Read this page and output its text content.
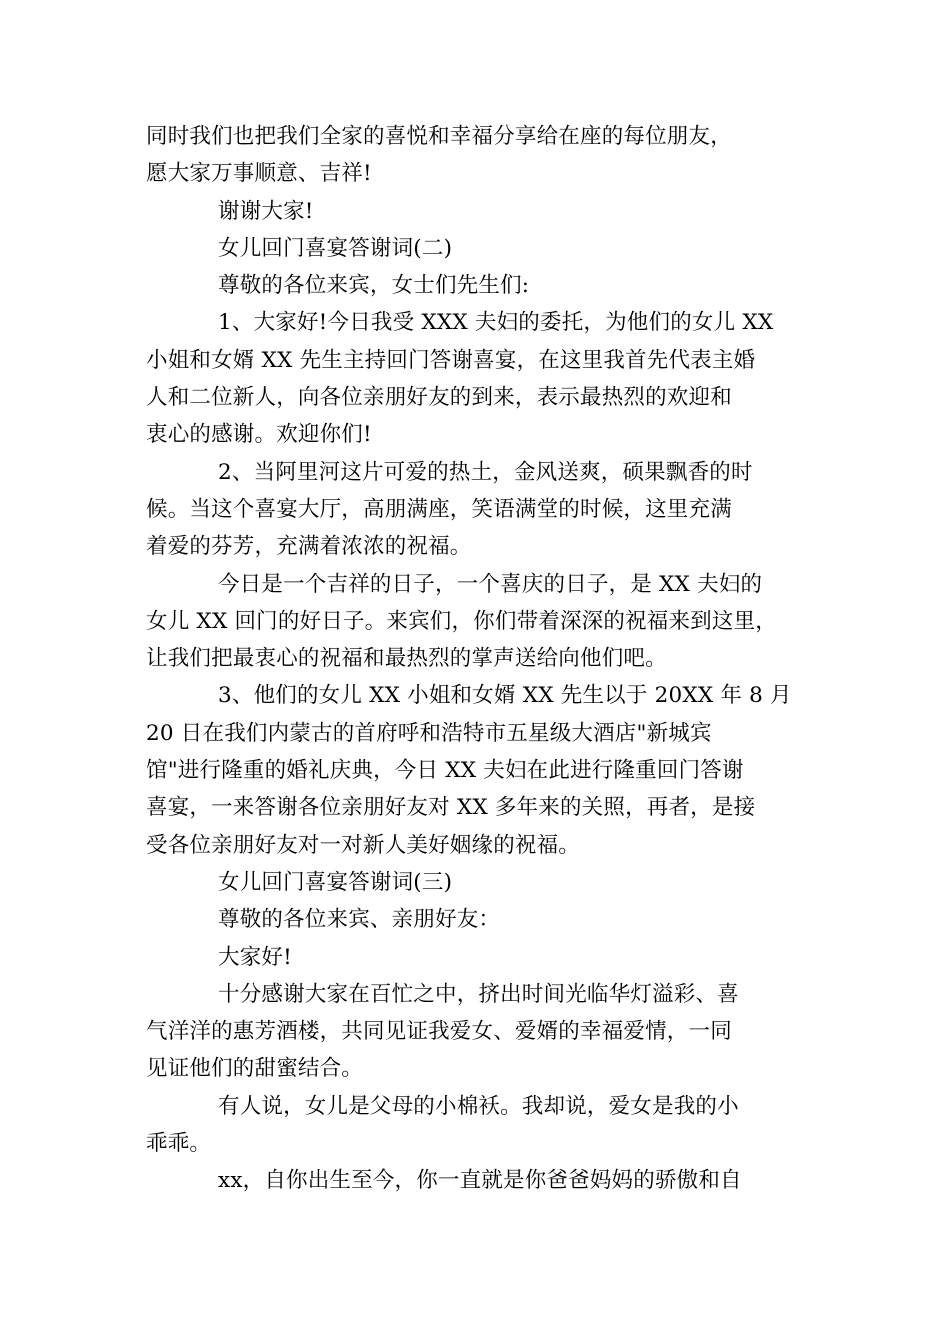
同时我们也把我们全家的喜悦和幸福分享给在座的每位朋友，
愿大家万事顺意、吉祥!
谢谢大家!
女儿回门喜宴答谢词(二)
尊敬的各位来宾，女士们先生们:
1、大家好!今日我受 XXX 夫妇的委托，为他们的女儿 XX
小姐和女婿 XX 先生主持回门答谢喜宴，在这里我首先代表主婚
人和二位新人，向各位亲朋好友的到来，表示最热烈的欢迎和
衷心的感谢。欢迎你们!
2、当阿里河这片可爱的热土，金风送爽，硕果飘香的时
候。当这个喜宴大厅，高朋满座，笑语满堂的时候，这里充满
着爱的芬芳，充满着浓浓的祝福。
今日是一个吉祥的日子，一个喜庆的日子，是 XX 夫妇的
女儿 XX 回门的好日子。来宾们，你们带着深深的祝福来到这里，
让我们把最衷心的祝福和最热烈的掌声送给向他们吧。
3、他们的女儿 XX 小姐和女婿 XX 先生以于 20XX 年 8 月
20 日在我们内蒙古的首府呼和浩特市五星级大酒店"新城宾
馆"进行隆重的婚礼庆典，今日 XX 夫妇在此进行隆重回门答谢
喜宴，一来答谢各位亲朋好友对 XX 多年来的关照，再者，是接
受各位亲朋好友对一对新人美好姻缘的祝福。
女儿回门喜宴答谢词(三)
尊敬的各位来宾、亲朋好友：
大家好!
十分感谢大家在百忙之中，挤出时间光临华灯溢彩、喜
气洋洋的惠芳酒楼，共同见证我爱女、爱婿的幸福爱情，一同
见证他们的甜蜜结合。
有人说，女儿是父母的小棉袄。我却说，爱女是我的小
乖乖。
xx，自你出生至今，你一直就是你爸爸妈妈的骄傲和自
